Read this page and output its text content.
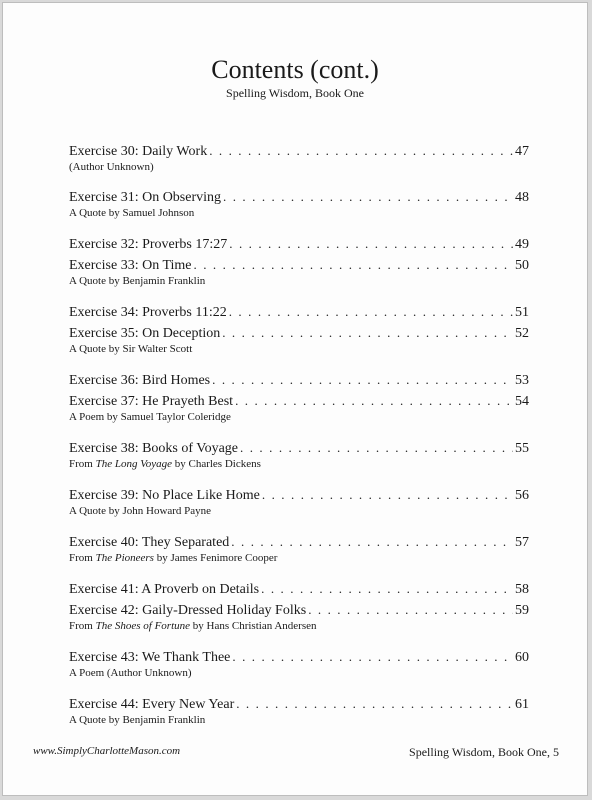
Contents (cont.)
Spelling Wisdom, Book One
Exercise 30: Daily Work . . .	47
(Author Unknown)
Exercise 31: On Observing . . .	48
A Quote by Samuel Johnson
Exercise 32: Proverbs 17:27 . . .	49
Exercise 33: On Time . . .	50
A Quote by Benjamin Franklin
Exercise 34: Proverbs 11:22 . . .	51
Exercise 35: On Deception . . .	52
A Quote by Sir Walter Scott
Exercise 36: Bird Homes . . .	53
Exercise 37: He Prayeth Best . . .	54
A Poem by Samuel Taylor Coleridge
Exercise 38: Books of Voyage . . .	55
From The Long Voyage by Charles Dickens
Exercise 39: No Place Like Home . . .	56
A Quote by John Howard Payne
Exercise 40: They Separated . . .	57
From The Pioneers by James Fenimore Cooper
Exercise 41: A Proverb on Details . . .	58
Exercise 42: Gaily-Dressed Holiday Folks . . .	59
From The Shoes of Fortune by Hans Christian Andersen
Exercise 43: We Thank Thee . . .	60
A Poem (Author Unknown)
Exercise 44: Every New Year . . .	61
A Quote by Benjamin Franklin
www.SimplyCharlotteMason.com	Spelling Wisdom, Book One, 5
